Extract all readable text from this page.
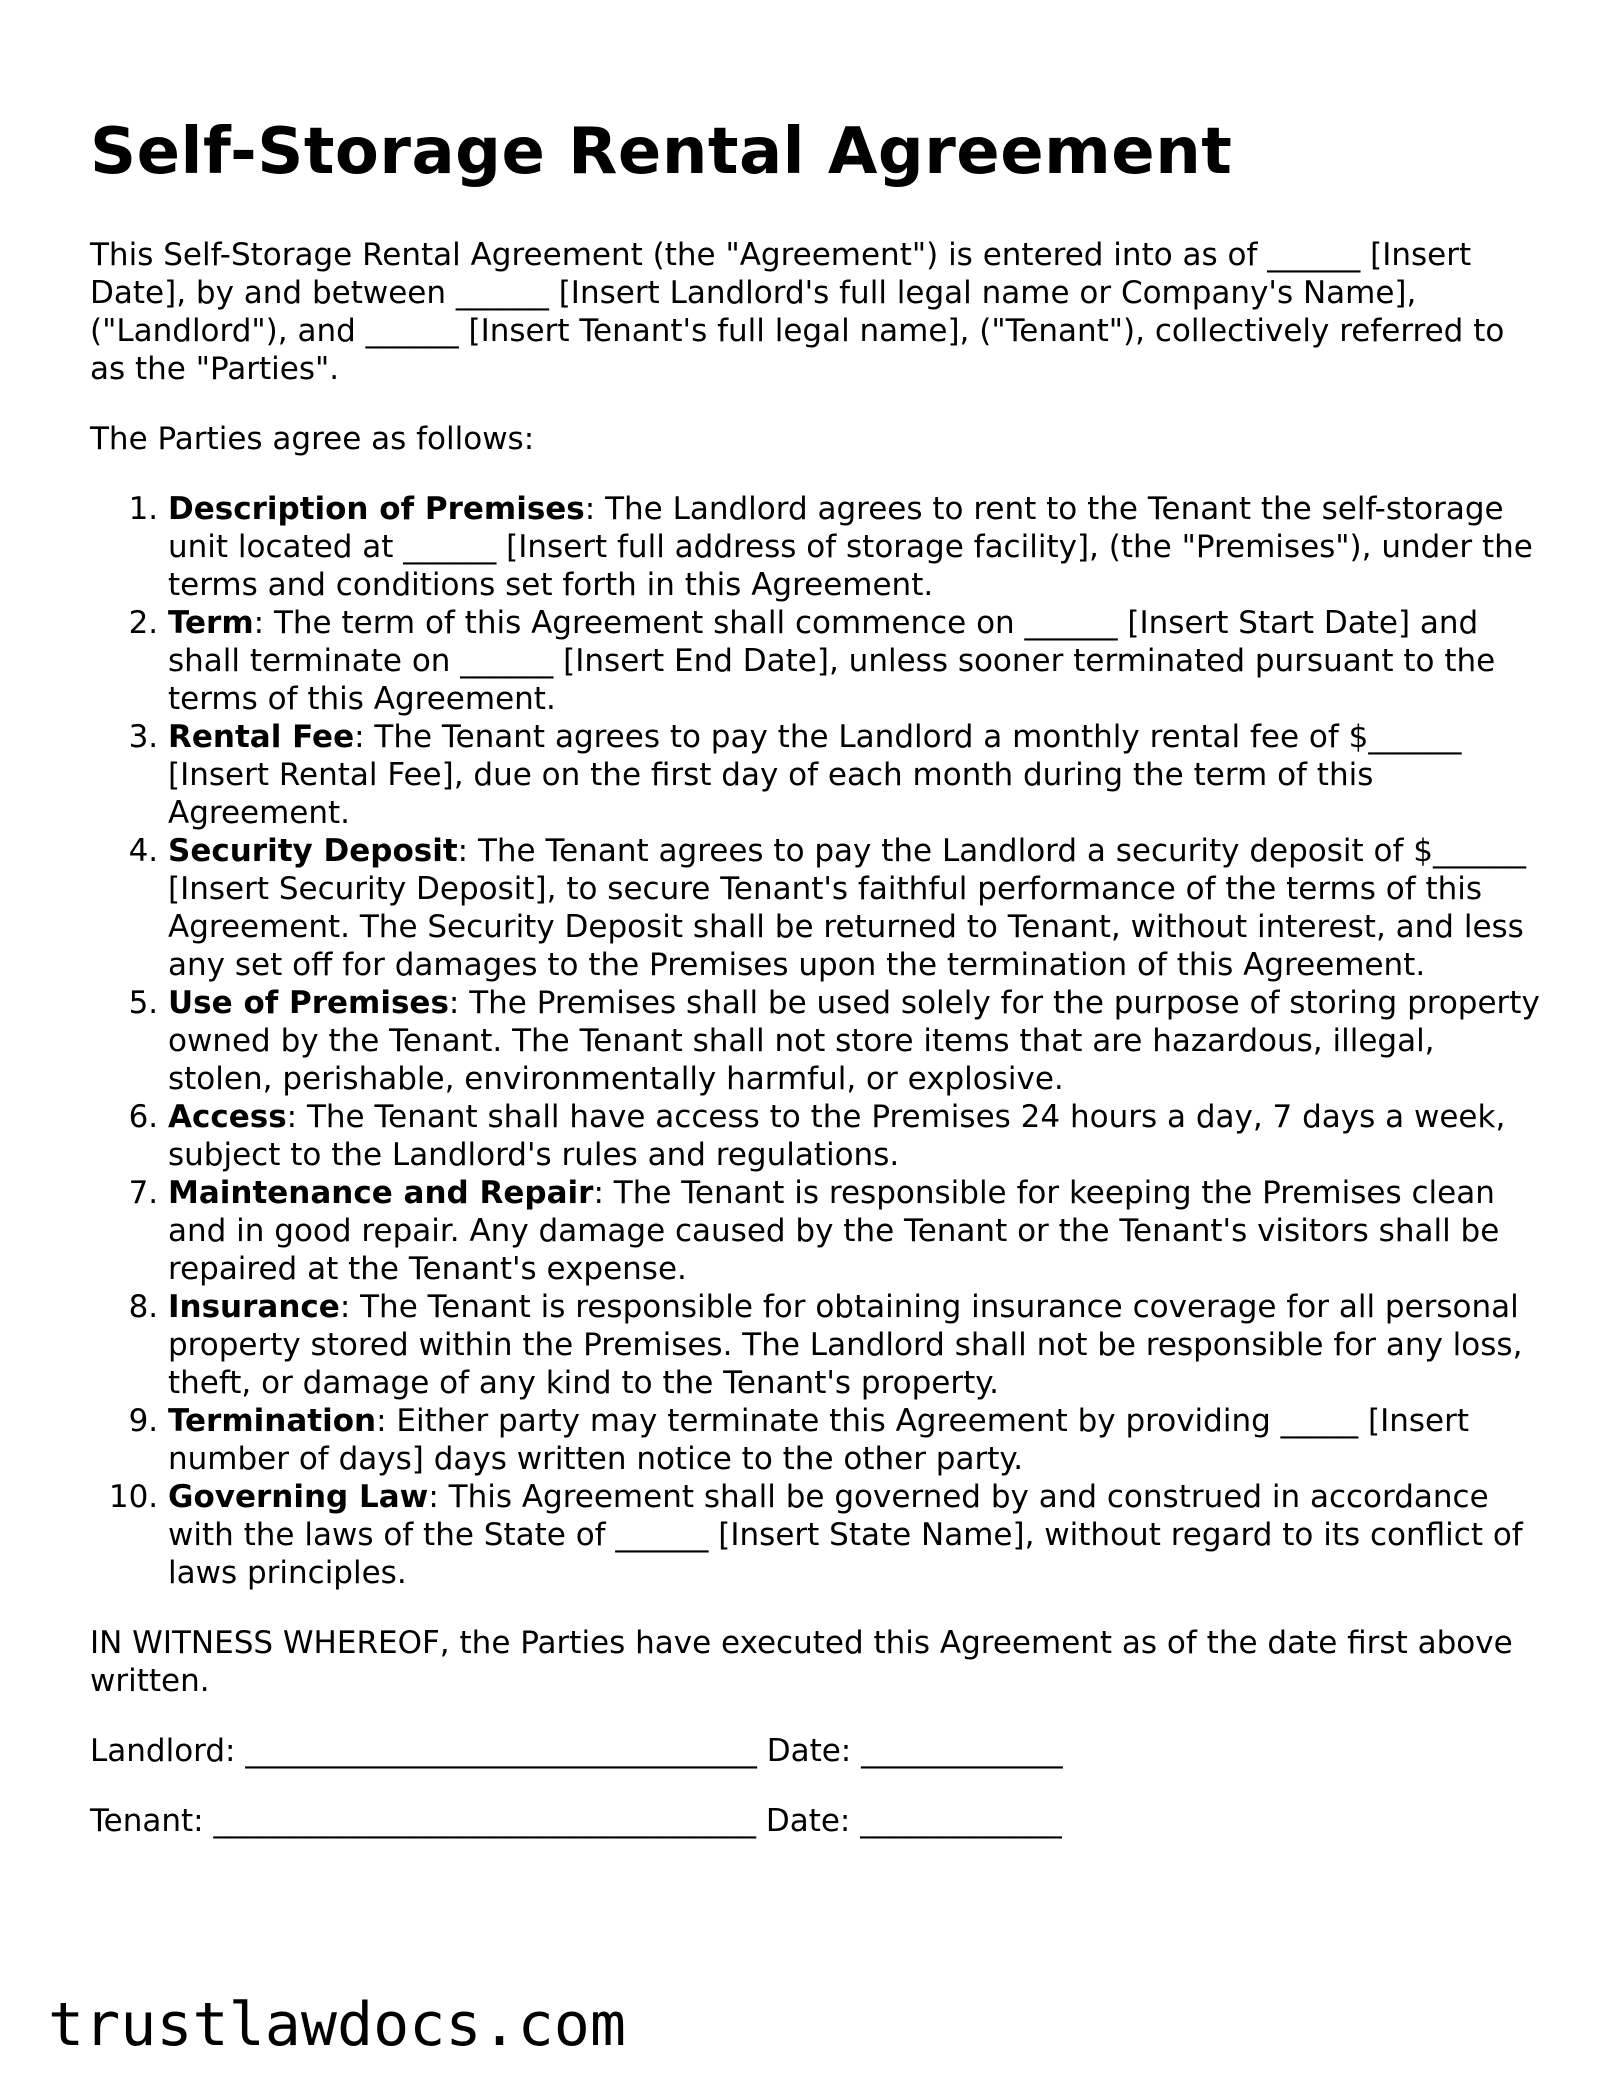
Self-Storage Rental Agreement

This Self-Storage Rental Agreement (the "Agreement") is entered into as of ______ [Insert Date], by and between ______ [Insert Landlord's full legal name or Company's Name], ("Landlord"), and ______ [Insert Tenant's full legal name], ("Tenant"), collectively referred to as the "Parties".

The Parties agree as follows:

1. Description of Premises: The Landlord agrees to rent to the Tenant the self-storage unit located at ______ [Insert full address of storage facility], (the "Premises"), under the terms and conditions set forth in this Agreement.
2. Term: The term of this Agreement shall commence on ______ [Insert Start Date] and shall terminate on ______ [Insert End Date], unless sooner terminated pursuant to the terms of this Agreement.
3. Rental Fee: The Tenant agrees to pay the Landlord a monthly rental fee of $______ [Insert Rental Fee], due on the first day of each month during the term of this Agreement.
4. Security Deposit: The Tenant agrees to pay the Landlord a security deposit of $______ [Insert Security Deposit], to secure Tenant's faithful performance of the terms of this Agreement. The Security Deposit shall be returned to Tenant, without interest, and less any set off for damages to the Premises upon the termination of this Agreement.
5. Use of Premises: The Premises shall be used solely for the purpose of storing property owned by the Tenant. The Tenant shall not store items that are hazardous, illegal, stolen, perishable, environmentally harmful, or explosive.
6. Access: The Tenant shall have access to the Premises 24 hours a day, 7 days a week, subject to the Landlord's rules and regulations.
7. Maintenance and Repair: The Tenant is responsible for keeping the Premises clean and in good repair. Any damage caused by the Tenant or the Tenant's visitors shall be repaired at the Tenant's expense.
8. Insurance: The Tenant is responsible for obtaining insurance coverage for all personal property stored within the Premises. The Landlord shall not be responsible for any loss, theft, or damage of any kind to the Tenant's property.
9. Termination: Either party may terminate this Agreement by providing _____ [Insert number of days] days written notice to the other party.
10. Governing Law: This Agreement shall be governed by and construed in accordance with the laws of the State of ______ [Insert State Name], without regard to its conflict of laws principles.

IN WITNESS WHEREOF, the Parties have executed this Agreement as of the date first above written.

Landlord: _________________________________ Date: _____________

Tenant: ___________________________________ Date: _____________

trustlawdocs.com
